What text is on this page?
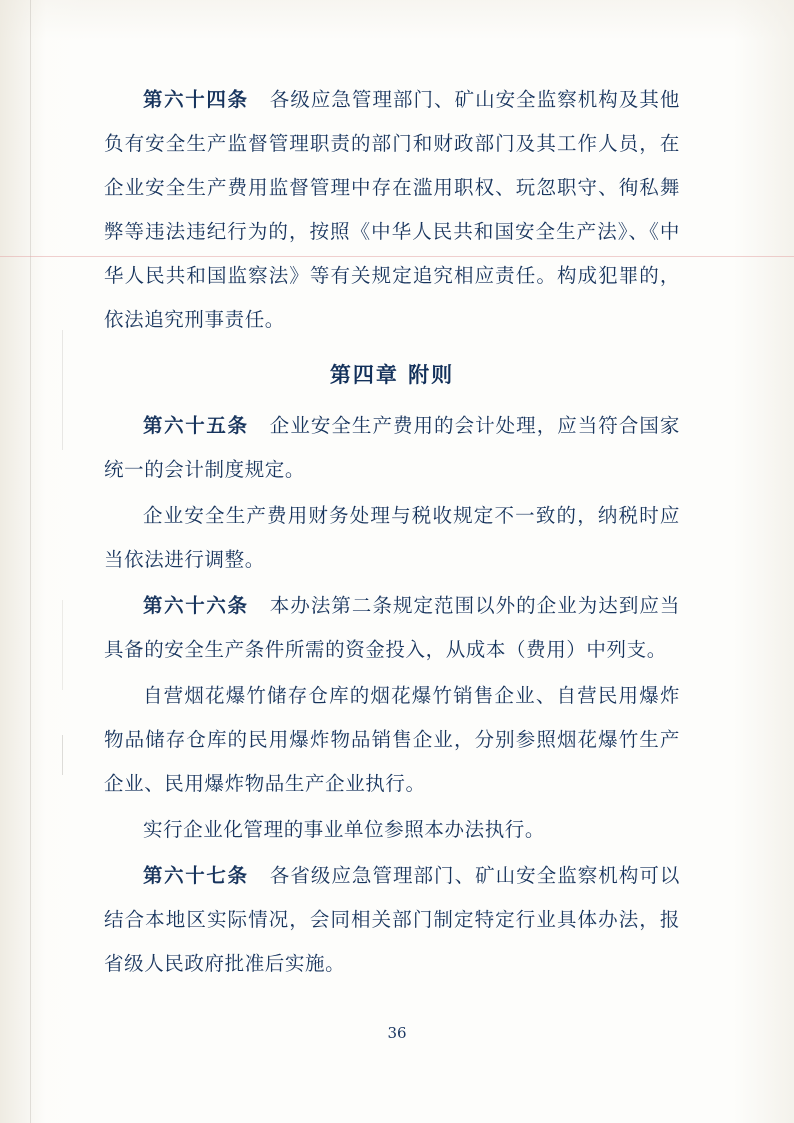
第六十四条　各级应急管理部门、矿山安全监察机构及其他负有安全生产监督管理职责的部门和财政部门及其工作人员，在企业安全生产费用监督管理中存在滥用职权、玩忽职守、徇私舞弊等违法违纪行为的，按照《中华人民共和国安全生产法》、《中华人民共和国监察法》等有关规定追究相应责任。构成犯罪的，依法追究刑事责任。

第四章 附则

第六十五条　企业安全生产费用的会计处理，应当符合国家统一的会计制度规定。

企业安全生产费用财务处理与税收规定不一致的，纳税时应当依法进行调整。

第六十六条　本办法第二条规定范围以外的企业为达到应当具备的安全生产条件所需的资金投入，从成本（费用）中列支。

自营烟花爆竹储存仓库的烟花爆竹销售企业、自营民用爆炸物品储存仓库的民用爆炸物品销售企业，分别参照烟花爆竹生产企业、民用爆炸物品生产企业执行。

实行企业化管理的事业单位参照本办法执行。

第六十七条　各省级应急管理部门、矿山安全监察机构可以结合本地区实际情况，会同相关部门制定特定行业具体办法，报省级人民政府批准后实施。

36
